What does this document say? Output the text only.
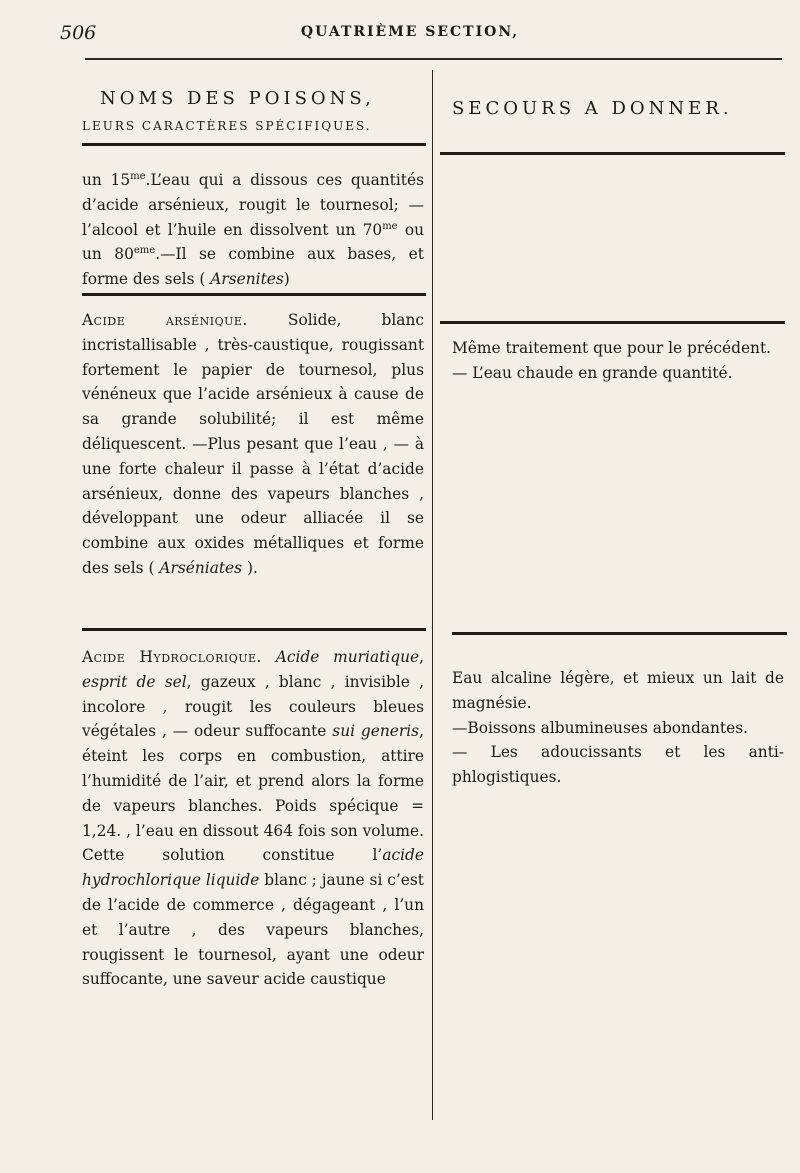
506	QUATRIÈME SECTION,

NOMS DES POISONS,

LEURS CARACTÈRES SPÉCIFIQUES.

SECOURS A DONNER.

un $15^{me}.L’eau$ qui a dissous ces quantités d’acide arsénieux, rougit le tournesol; —l’alcool et l’huile en dissolvent un $70^{me}$ ou un 80eme.—Il se combine aux bases, et forme des sels ( Arsenites)

Acide arsénique. Solide, blanc incristallisable , très-caustique, rougissant fortement le papier de tournesol, plus vénéneux que l’acide arsénieux à cause de sa grande solubilité; il est même déliquescent. —Plus pesant que l’eau , — à une forte chaleur il passe à l’état d’acide arsénieux, donne des vapeurs blanches , développant une odeur alliacée il se combine aux oxides métalliques et forme des sels ( Arséniates ).

Même traitement que pour le précédent.
— L’eau chaude en grande quantité.

Acide Hydroclorique. Acide muriatique, esprit de sel, gazeux , blanc , invisible , incolore , rougit les couleurs bleues végétales , — odeur suffocante sui generis, éteint les corps en combustion, attire l’humidité de l’air, et prend alors la forme de vapeurs blanches. Poids spécique = 1,24. , l’eau en dissout 464 fois son volume. Cette solution constitue l’acide hydrochlorique liquide blanc ; jaune si c’est de l’acide de commerce , dégageant , l’un et l’autre , des vapeurs blanches, rougissent le tournesol, ayant une odeur suffocante, une saveur acide caustique

Eau alcaline légère, et mieux un lait de magnésie.
—Boissons albumineuses abondantes.
— Les adoucissants et les anti-phlogistiques.
